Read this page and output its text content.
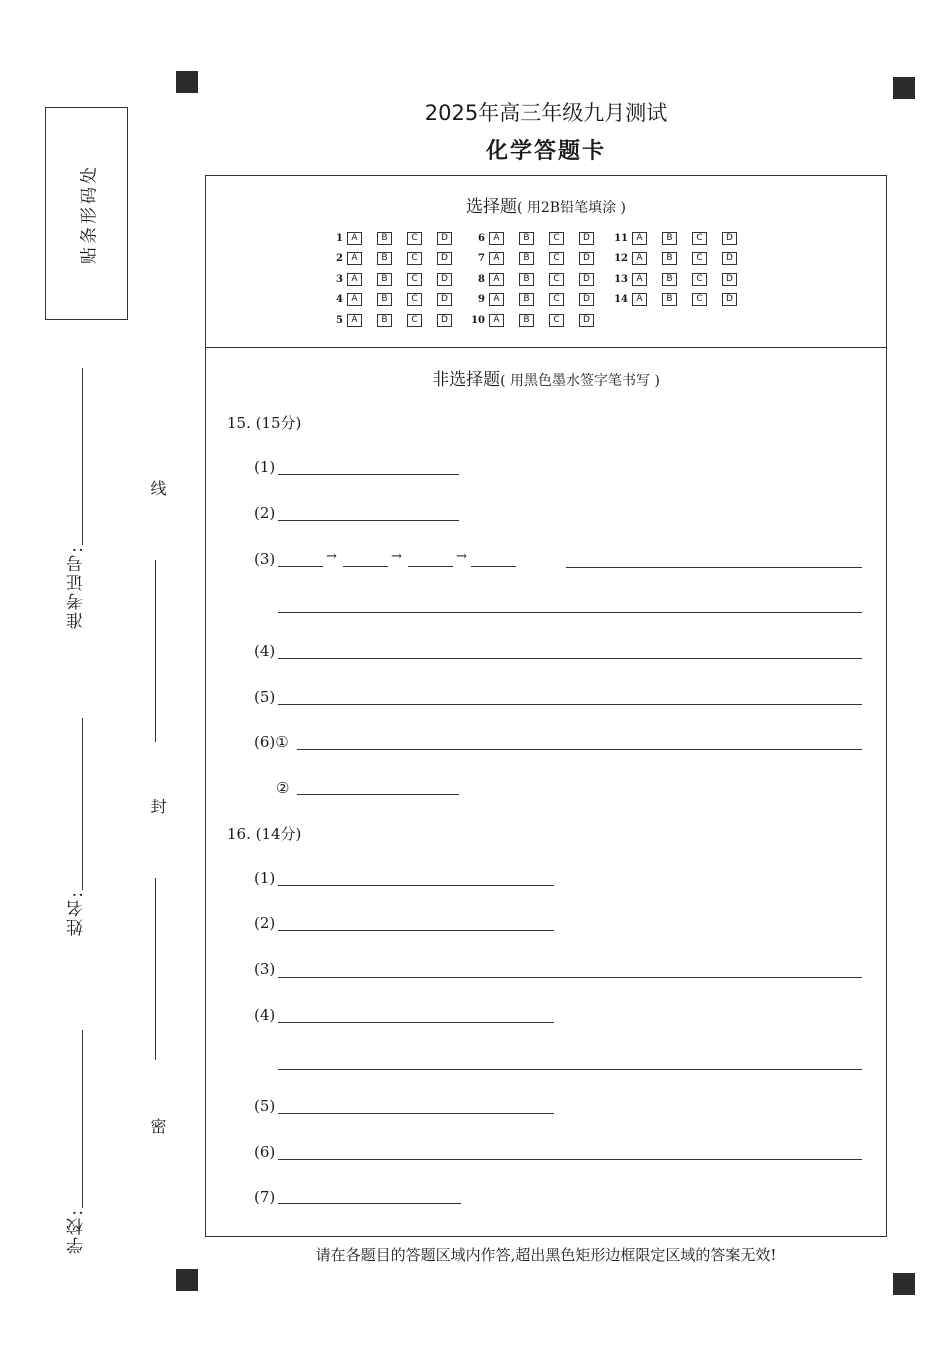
贴条形码处
准考证号:
姓名:
学校:
线
封
密
2025年高三年级九月测试
化学答题卡
选择题( 用2B铅笔填涂 )
1 A	B	C	D
2 A	B	C	D
3 A	B	C	D
4 A	B	C	D
5 A	B	C	D
6 A	B	C	D
7 A	B	C	D
8 A	B	C	D
9 A	B	C	D
10 A	B	C	D
11 A	B	C	D
12 A	B	C	D
13 A	B	C	D
14 A	B	C	D
非选择题( 用黑色墨水签字笔书写 )
15. (15分)
(1)
(2)
(3)	→	→	→
(4)
(5)
(6)①
②
16. (14分)
(1)
(2)
(3)
(4)
(5)
(6)
(7)
请在各题目的答题区域内作答,超出黑色矩形边框限定区域的答案无效!
